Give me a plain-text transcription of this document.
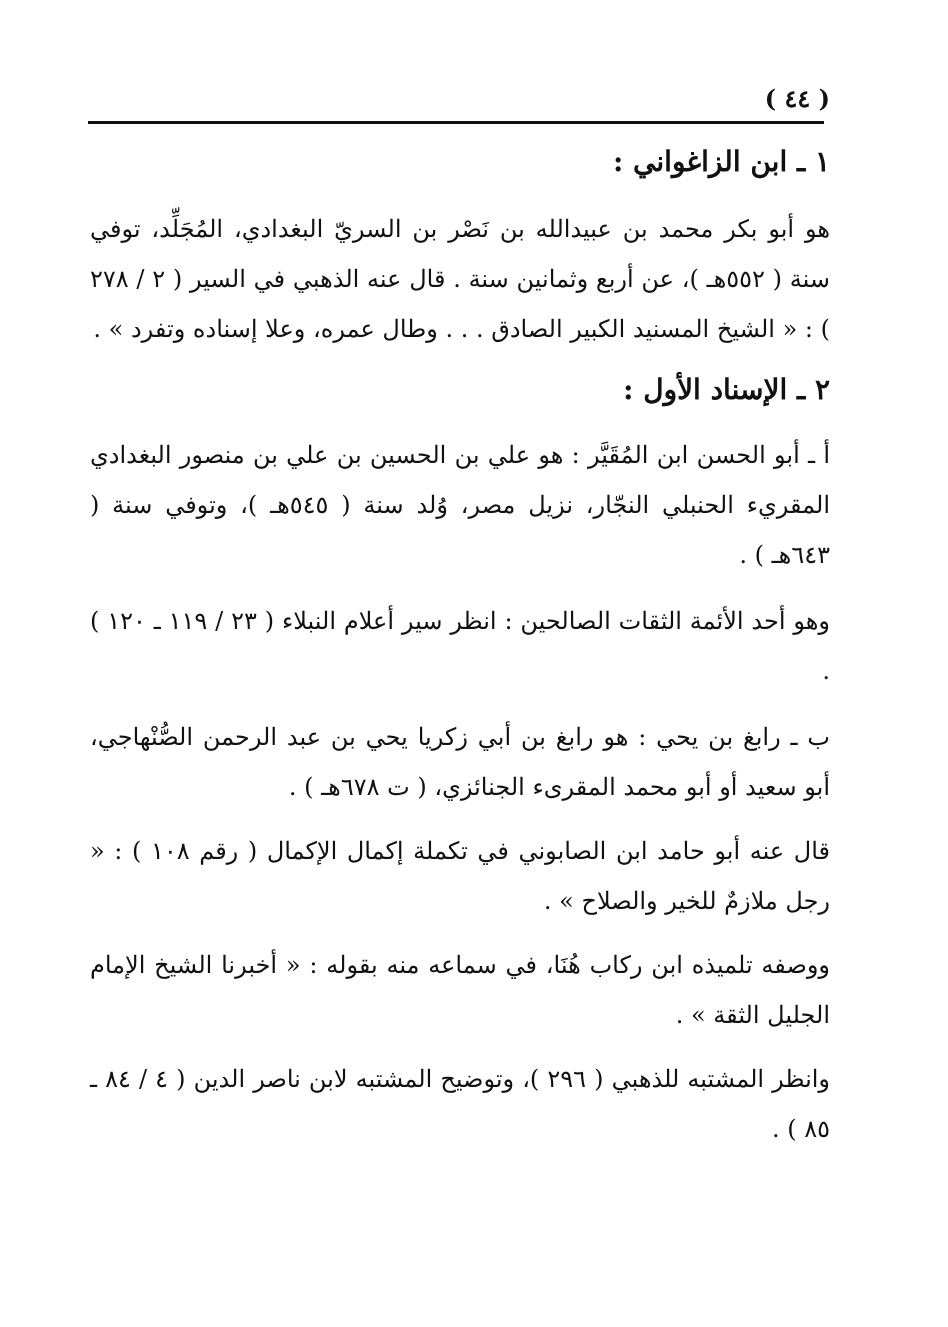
( ٤٤ )

١ ـ ابن الزاغواني :

هو أبو بكر محمد بن عبيدالله بن نَصْر بن السريّ البغدادي، المُجَلِّد، توفي سنة ( ٥٥٢هـ )، عن أربع وثمانين سنة . قال عنه الذهبي في السير ( ٢ / ٢٧٨ ) : « الشيخ المسنيد الكبير الصادق . . . وطال عمره، وعلا إسناده وتفرد » .

٢ ـ الإسناد الأول :

أ ـ أبو الحسن ابن المُقَيَّر : هو علي بن الحسين بن علي بن منصور البغدادي المقريء الحنبلي النجّار، نزيل مصر، وُلد سنة ( ٥٤٥هـ )، وتوفي سنة ( ٦٤٣هـ ) .

وهو أحد الأئمة الثقات الصالحين : انظر سير أعلام النبلاء ( ٢٣ / ١١٩ ـ ١٢٠ ) .

ب ـ رابغ بن يحي : هو رابغ بن أبي زكريا يحي بن عبد الرحمن الصُّنْهاجي، أبو سعيد أو أبو محمد المقرىء الجنائزي، ( ت ٦٧٨هـ ) .

قال عنه أبو حامد ابن الصابوني في تكملة إكمال الإكمال ( رقم ١٠٨ ) : « رجل ملازمٌ للخير والصلاح » .

ووصفه تلميذه ابن ركاب هُنَا، في سماعه منه بقوله : « أخبرنا الشيخ الإمام الجليل الثقة » .

وانظر المشتبه للذهبي ( ٢٩٦ )، وتوضيح المشتبه لابن ناصر الدين ( ٤ / ٨٤ ـ ٨٥ ) .
